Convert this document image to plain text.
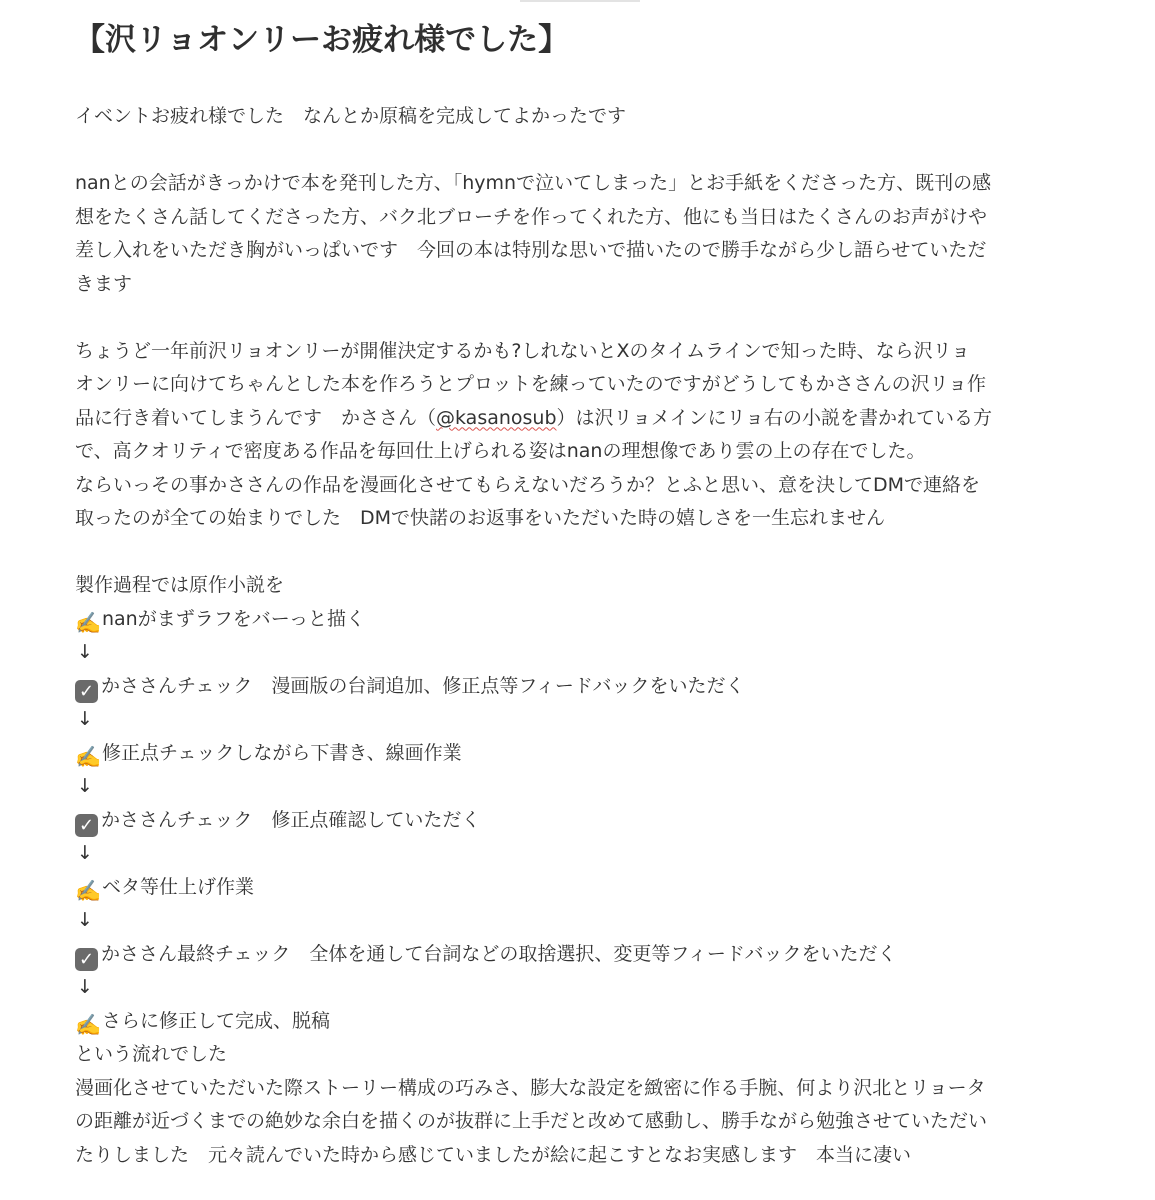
【沢リョオンリーお疲れ様でした】
イベントお疲れ様でした　なんとか原稿を完成してよかったです
nanとの会話がきっかけで本を発刊した方、「hymnで泣いてしまった」とお手紙をくださった方、既刊の感
想をたくさん話してくださった方、バク北ブローチを作ってくれた方、他にも当日はたくさんのお声がけや
差し入れをいただき胸がいっぱいです　今回の本は特別な思いで描いたので勝手ながら少し語らせていただ
きます
ちょうど一年前沢リョオンリーが開催決定するかも?しれないとXのタイムラインで知った時、なら沢リョ
オンリーに向けてちゃんとした本を作ろうとプロットを練っていたのですがどうしてもかささんの沢リョ作
品に行き着いてしまうんです　かささん（@kasanosub）は沢リョメインにリョ右の小説を書かれている方
で、高クオリティで密度ある作品を毎回仕上げられる姿はnanの理想像であり雲の上の存在でした。
ならいっその事かささんの作品を漫画化させてもらえないだろうか？とふと思い、意を決してDMで連絡を
取ったのが全ての始まりでした　DMで快諾のお返事をいただいた時の嬉しさを一生忘れません
製作過程では原作小説を
✍️nanがまずラフをバーっと描く
↓
✓ かささんチェック　漫画版の台詞追加、修正点等フィードバックをいただく
↓
✍️修正点チェックしながら下書き、線画作業
↓
✓ かささんチェック　修正点確認していただく
↓
✍️ベタ等仕上げ作業
↓
✓ かささん最終チェック　全体を通して台詞などの取捨選択、変更等フィードバックをいただく
↓
✍️さらに修正して完成、脱稿
という流れでした
漫画化させていただいた際ストーリー構成の巧みさ、膨大な設定を緻密に作る手腕、何より沢北とリョータ
の距離が近づくまでの絶妙な余白を描くのが抜群に上手だと改めて感動し、勝手ながら勉強させていただい
たりしました　元々読んでいた時から感じていましたが絵に起こすとなお実感します　本当に凄い
